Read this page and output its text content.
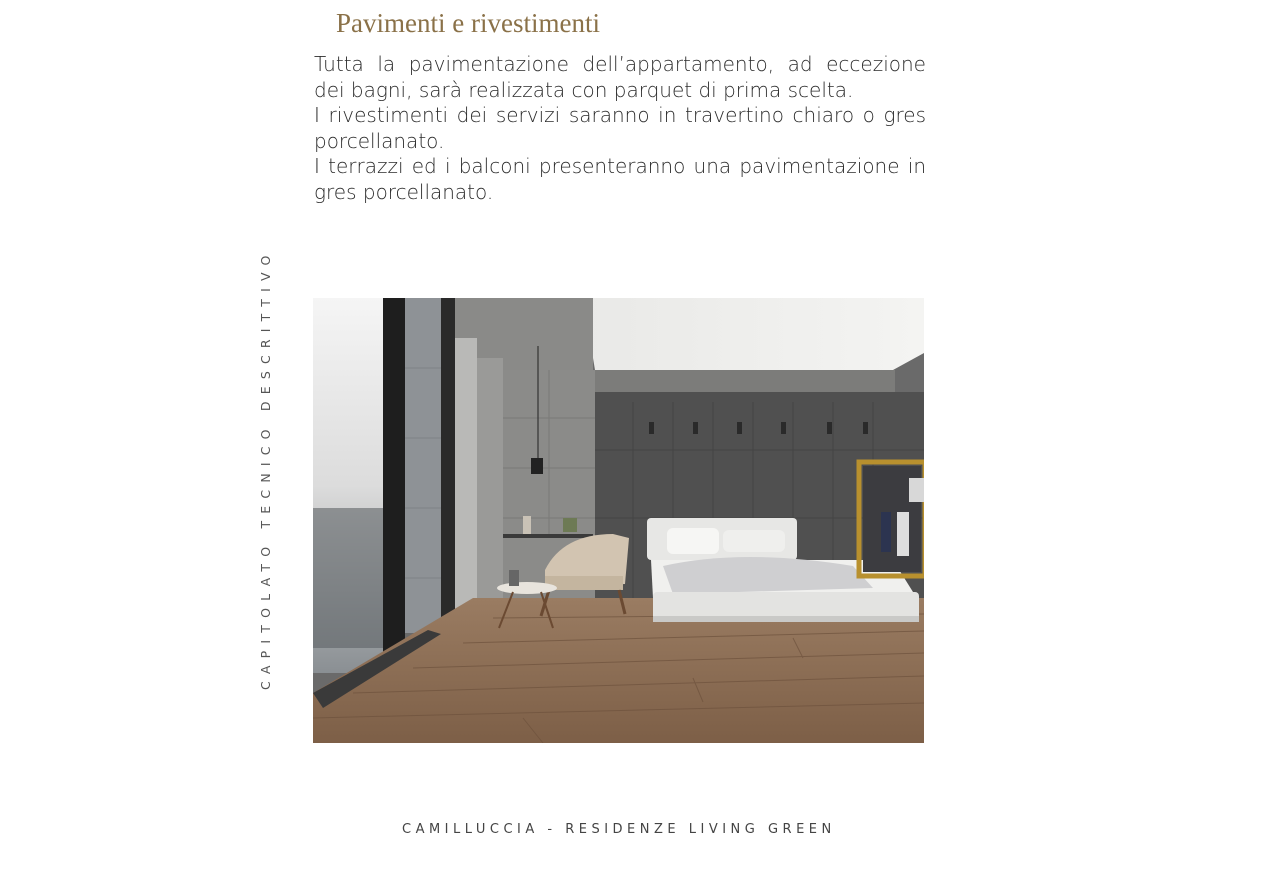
Pavimenti e rivestimenti

Tutta la pavimentazione dell’appartamento, ad eccezione dei bagni, sarà realizzata con parquet di prima scelta.

I rivestimenti dei servizi saranno in travertino chiaro o gres porcellanato.

I terrazzi ed i balconi presenteranno una pavimentazione in gres porcellanato.

CAPITOLATO TECNICO DESCRITTIVO
CAMILLUCCIA - RESIDENZE LIVING GREEN
